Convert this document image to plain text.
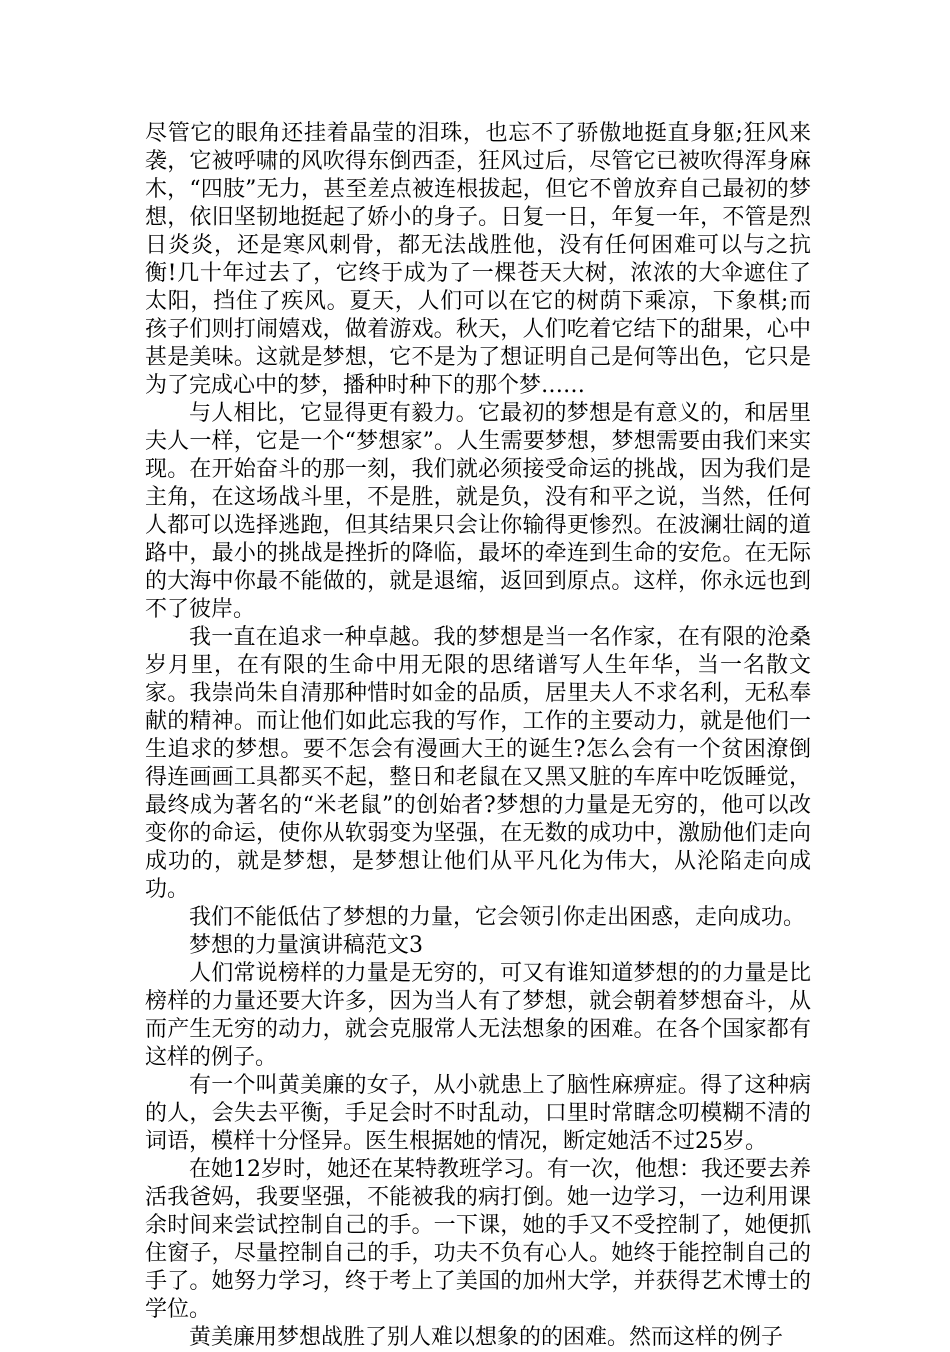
尽管它的眼角还挂着晶莹的泪珠，也忘不了骄傲地挺直身躯;狂风来袭，它被呼啸的风吹得东倒西歪，狂风过后，尽管它已被吹得浑身麻木，“四肢”无力，甚至差点被连根拔起，但它不曾放弃自己最初的梦想，依旧坚韧地挺起了娇小的身子。日复一日，年复一年，不管是烈日炎炎，还是寒风刺骨，都无法战胜他，没有任何困难可以与之抗衡!几十年过去了，它终于成为了一棵苍天大树，浓浓的大伞遮住了太阳，挡住了疾风。夏天，人们可以在它的树荫下乘凉，下象棋;而孩子们则打闹嬉戏，做着游戏。秋天，人们吃着它结下的甜果，心中甚是美味。这就是梦想，它不是为了想证明自己是何等出色，它只是为了完成心中的梦，播种时种下的那个梦……

与人相比，它显得更有毅力。它最初的梦想是有意义的，和居里夫人一样，它是一个“梦想家”。人生需要梦想，梦想需要由我们来实现。在开始奋斗的那一刻，我们就必须接受命运的挑战，因为我们是主角，在这场战斗里，不是胜，就是负，没有和平之说，当然，任何人都可以选择逃跑，但其结果只会让你输得更惨烈。在波澜壮阔的道路中，最小的挑战是挫折的降临，最坏的牵连到生命的安危。在无际的大海中你最不能做的，就是退缩，返回到原点。这样，你永远也到不了彼岸。

我一直在追求一种卓越。我的梦想是当一名作家，在有限的沧桑岁月里，在有限的生命中用无限的思绪谱写人生年华，当一名散文家。我崇尚朱自清那种惜时如金的品质，居里夫人不求名利，无私奉献的精神。而让他们如此忘我的写作，工作的主要动力，就是他们一生追求的梦想。要不怎会有漫画大王的诞生?怎么会有一个贫困潦倒得连画画工具都买不起，整日和老鼠在又黑又脏的车库中吃饭睡觉，最终成为著名的“米老鼠”的创始者?梦想的力量是无穷的，他可以改变你的命运，使你从软弱变为坚强，在无数的成功中，激励他们走向成功的，就是梦想，是梦想让他们从平凡化为伟大，从沦陷走向成功。

我们不能低估了梦想的力量，它会领引你走出困惑，走向成功。

梦想的力量演讲稿范文3

人们常说榜样的力量是无穷的，可又有谁知道梦想的的力量是比榜样的力量还要大许多，因为当人有了梦想，就会朝着梦想奋斗，从而产生无穷的动力，就会克服常人无法想象的困难。在各个国家都有这样的例子。

有一个叫黄美廉的女子，从小就患上了脑性麻痹症。得了这种病的人，会失去平衡，手足会时不时乱动，口里时常瞎念叨模糊不清的词语，模样十分怪异。医生根据她的情况，断定她活不过25岁。

在她12岁时，她还在某特教班学习。有一次，他想：我还要去养活我爸妈，我要坚强，不能被我的病打倒。她一边学习，一边利用课余时间来尝试控制自己的手。一下课，她的手又不受控制了，她便抓住窗子，尽量控制自己的手，功夫不负有心人。她终于能控制自己的手了。她努力学习，终于考上了美国的加州大学，并获得艺术博士的学位。

黄美廉用梦想战胜了别人难以想象的的困难。然而这样的例子
